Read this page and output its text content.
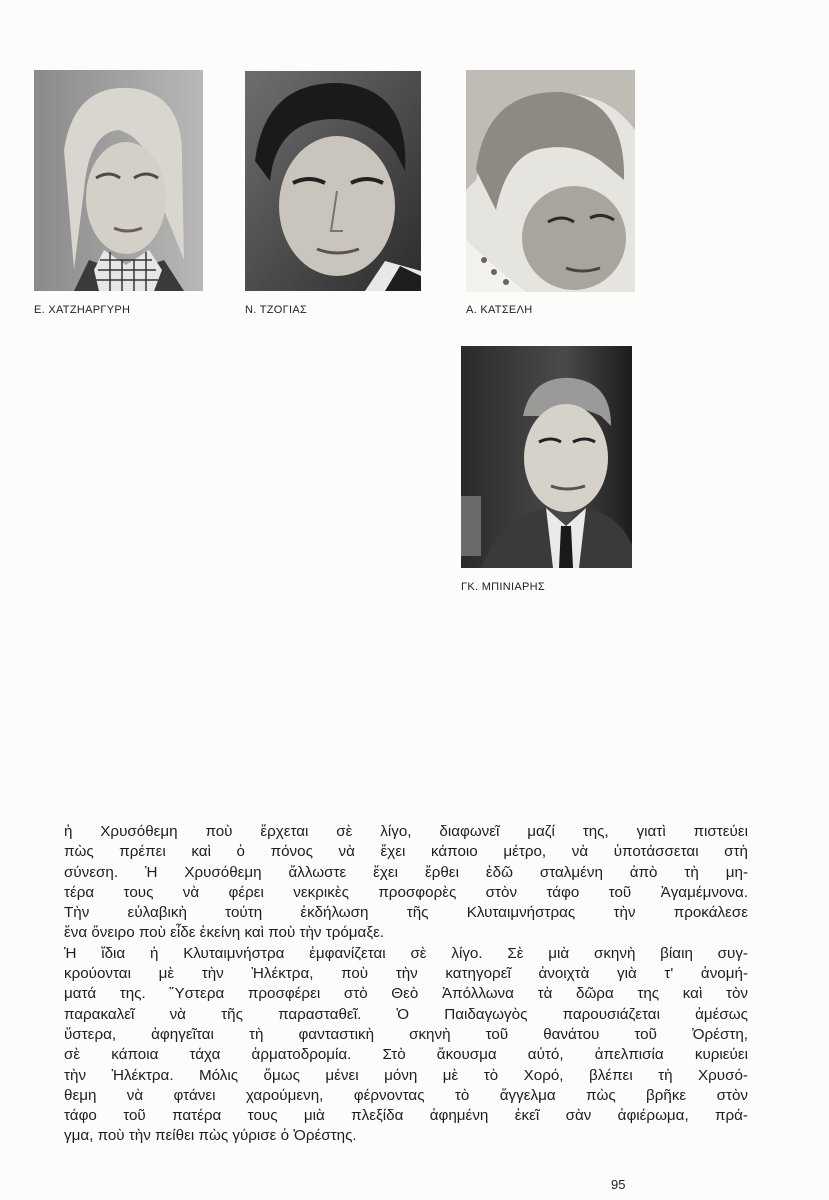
Ε. ΧΑΤΖΗΑΡΓΥΡΗ	Ν. ΤΖΟΓΙΑΣ	Α. ΚΑΤΣΕΛΗ
ΓΚ. ΜΠΙΝΙΑΡΗΣ

ἡ Χρυσόθεμη ποὺ ἔρχεται σὲ λίγο, διαφωνεῖ μαζί της, γιατὶ πιστεύει
πὼς πρέπει καὶ ὁ πόνος νὰ ἔχει κάποιο μέτρο, νὰ ὑποτάσσεται στὴ
σύνεση. Ἡ Χρυσόθεμη ἄλλωστε ἔχει ἔρθει ἐδῶ σταλμένη ἀπὸ τὴ μη-
τέρα τους νὰ φέρει νεκρικὲς προσφορὲς στὸν τάφο τοῦ Ἀγαμέμνονα.
Τὴν εὐλαβικὴ τούτη ἐκδήλωση τῆς Κλυταιμνήστρας τὴν προκάλεσε
ἕνα ὄνειρο ποὺ εἶδε ἐκείνη καὶ ποὺ τὴν τρόμαξε.

Ἡ ἴδια ἡ Κλυταιμνήστρα ἐμφανίζεται σὲ λίγο. Σὲ μιὰ σκηνὴ βίαιη συγ-
κρούονται μὲ τὴν Ἠλέκτρα, ποὺ τὴν κατηγορεῖ ἀνοιχτὰ γιὰ τ' ἀνομή-
ματά της. Ὕστερα προσφέρει στὸ Θεὸ Ἀπόλλωνα τὰ δῶρα της καὶ τὸν
παρακαλεῖ νὰ τῆς παρασταθεῖ. Ὁ Παιδαγωγὸς παρουσιάζεται ἀμέσως
ὕστερα, ἀφηγεῖται τὴ φανταστικὴ σκηνὴ τοῦ θανάτου τοῦ Ὀρέστη,
σὲ κάποια τάχα ἁρματοδρομία. Στὸ ἄκουσμα αὐτό, ἀπελπισία κυριεύει
τὴν Ἠλέκτρα. Μόλις ὅμως μένει μόνη μὲ τὸ Χορό, βλέπει τὴ Χρυσό-
θεμη νὰ φτάνει χαρούμενη, φέρνοντας τὸ ἄγγελμα πὼς βρῆκε στὸν
τάφο τοῦ πατέρα τους μιὰ πλεξίδα ἀφημένη ἐκεῖ σὰν ἀφιέρωμα, πρά-
γμα, ποὺ τὴν πείθει πὼς γύρισε ὁ Ὀρέστης.

95
